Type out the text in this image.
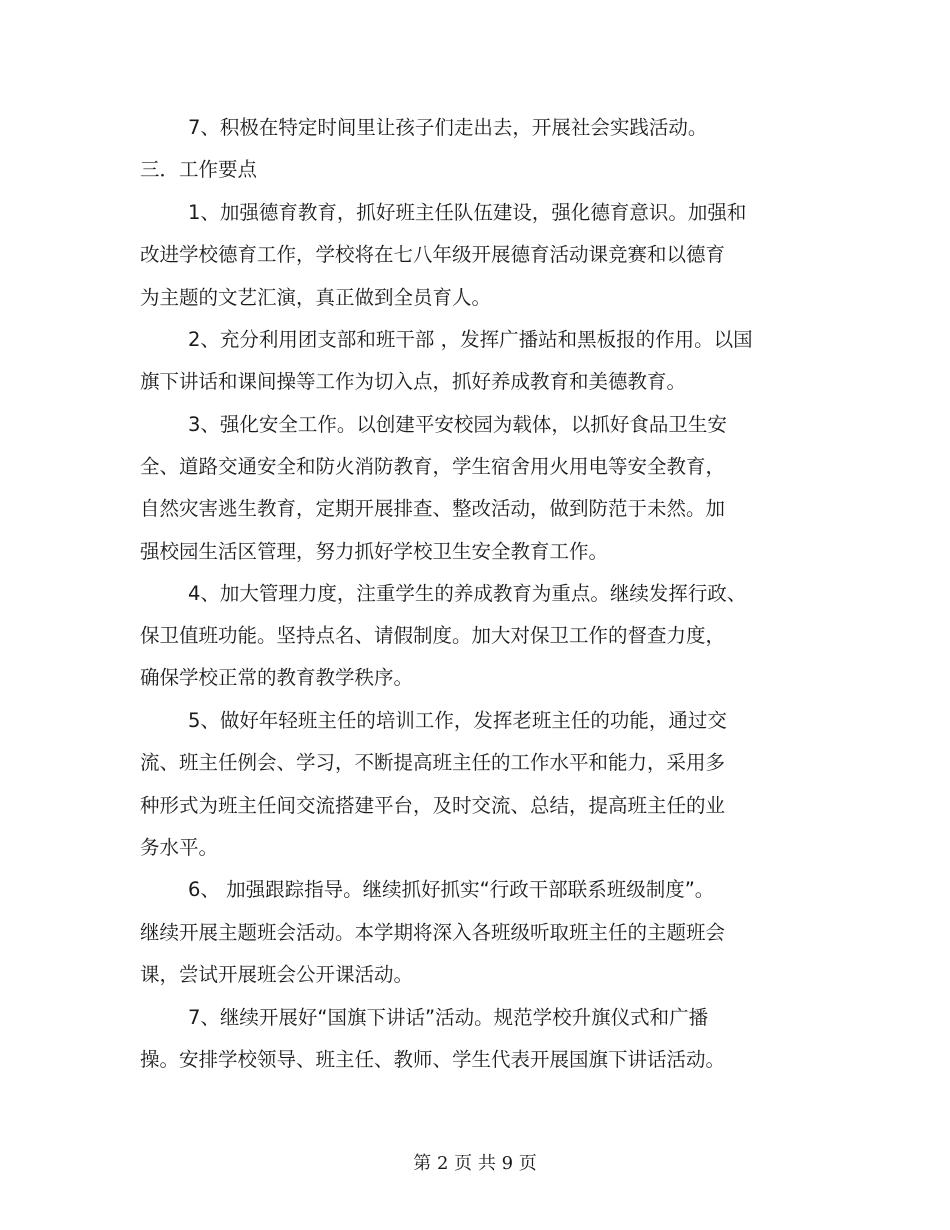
7、积极在特定时间里让孩子们走出去，开展社会实践活动。
三．工作要点
1、加强德育教育，抓好班主任队伍建设，强化德育意识。加强和
改进学校德育工作，学校将在七八年级开展德育活动课竞赛和以德育
为主题的文艺汇演，真正做到全员育人。
2、充分利用团支部和班干部 ，发挥广播站和黑板报的作用。以国
旗下讲话和课间操等工作为切入点，抓好养成教育和美德教育。
3、强化安全工作。以创建平安校园为载体，以抓好食品卫生安
全、道路交通安全和防火消防教育，学生宿舍用火用电等安全教育，
自然灾害逃生教育，定期开展排查、整改活动，做到防范于未然。加
强校园生活区管理，努力抓好学校卫生安全教育工作。
4、加大管理力度，注重学生的养成教育为重点。继续发挥行政、
保卫值班功能。坚持点名、请假制度。加大对保卫工作的督查力度，
确保学校正常的教育教学秩序。
5、做好年轻班主任的培训工作，发挥老班主任的功能，通过交
流、班主任例会、学习，不断提高班主任的工作水平和能力，采用多
种形式为班主任间交流搭建平台，及时交流、总结，提高班主任的业
务水平。
6、 加强跟踪指导。继续抓好抓实“行政干部联系班级制度”。
继续开展主题班会活动。本学期将深入各班级听取班主任的主题班会
课，尝试开展班会公开课活动。
7、继续开展好“国旗下讲话”活动。规范学校升旗仪式和广播
操。安排学校领导、班主任、教师、学生代表开展国旗下讲话活动。
第 2 页 共 9 页
